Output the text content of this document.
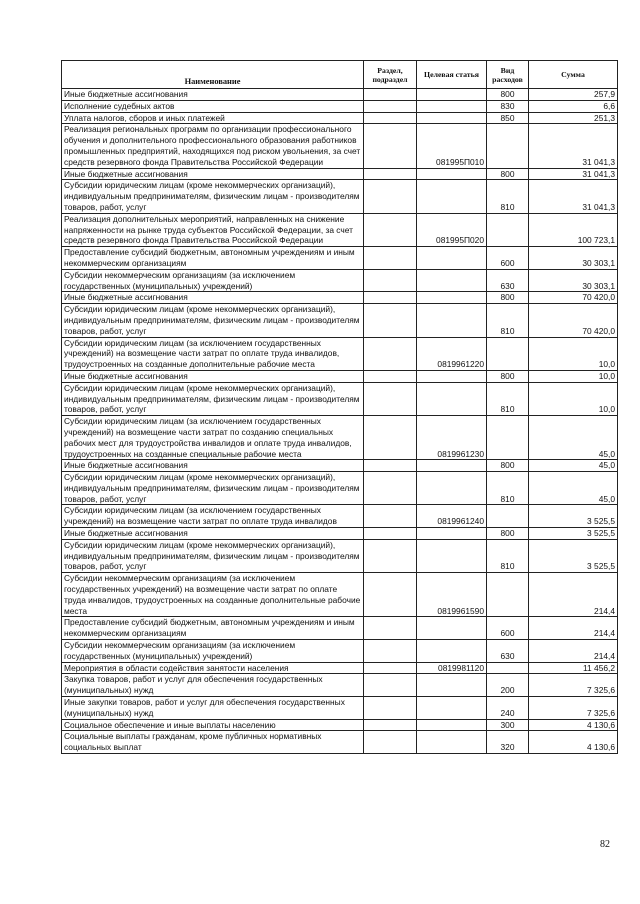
Наименование	Раздел, подраздел	Целевая статья	Вид расходов	Сумма
Иные бюджетные ассигнования			800	257,9
Исполнение судебных актов			830	6,6
Уплата налогов, сборов и иных платежей			850	251,3
Реализация региональных программ по организации профессионального обучения и дополнительного профессионального образования работников промышленных предприятий, находящихся под риском увольнения, за счет средств резервного фонда Правительства Российской Федерации		081995П010		31 041,3
Иные бюджетные ассигнования			800	31 041,3
Субсидии юридическим лицам (кроме некоммерческих организаций), индивидуальным предпринимателям, физическим лицам - производителям товаров, работ, услуг			810	31 041,3
Реализация дополнительных мероприятий, направленных на снижение напряженности на рынке труда субъектов Российской Федерации, за счет средств резервного фонда Правительства Российской Федерации		081995П020		100 723,1
Предоставление субсидий бюджетным, автономным учреждениям и иным некоммерческим организациям			600	30 303,1
Субсидии некоммерческим организациям (за исключением государственных (муниципальных) учреждений)			630	30 303,1
Иные бюджетные ассигнования			800	70 420,0
Субсидии юридическим лицам (кроме некоммерческих организаций), индивидуальным предпринимателям, физическим лицам - производителям товаров, работ, услуг			810	70 420,0
Субсидии юридическим лицам (за исключением государственных учреждений) на возмещение части затрат по оплате труда инвалидов, трудоустроенных на созданные дополнительные рабочие места		0819961220		10,0
Иные бюджетные ассигнования			800	10,0
Субсидии юридическим лицам (кроме некоммерческих организаций), индивидуальным предпринимателям, физическим лицам - производителям товаров, работ, услуг			810	10,0
Субсидии юридическим лицам (за исключением государственных учреждений) на возмещение части затрат по созданию специальных рабочих мест для трудоустройства инвалидов и оплате труда инвалидов, трудоустроенных на созданные специальные рабочие места		0819961230		45,0
Иные бюджетные ассигнования			800	45,0
Субсидии юридическим лицам (кроме некоммерческих организаций), индивидуальным предпринимателям, физическим лицам - производителям товаров, работ, услуг			810	45,0
Субсидии юридическим лицам (за исключением государственных учреждений) на возмещение части затрат по оплате труда инвалидов		0819961240		3 525,5
Иные бюджетные ассигнования			800	3 525,5
Субсидии юридическим лицам (кроме некоммерческих организаций), индивидуальным предпринимателям, физическим лицам - производителям товаров, работ, услуг			810	3 525,5
Субсидии некоммерческим организациям (за исключением государственных учреждений) на возмещение части затрат по оплате труда инвалидов, трудоустроенных на созданные дополнительные рабочие места		0819961590		214,4
Предоставление субсидий бюджетным, автономным учреждениям и иным некоммерческим организациям			600	214,4
Субсидии некоммерческим организациям (за исключением государственных (муниципальных) учреждений)			630	214,4
Мероприятия в области содействия занятости населения		0819981120		11 456,2
Закупка товаров, работ и услуг для обеспечения государственных (муниципальных) нужд			200	7 325,6
Иные закупки товаров, работ и услуг для обеспечения государственных (муниципальных) нужд			240	7 325,6
Социальное обеспечение и иные выплаты населению			300	4 130,6
Социальные выплаты гражданам, кроме публичных нормативных социальных выплат			320	4 130,6
82
